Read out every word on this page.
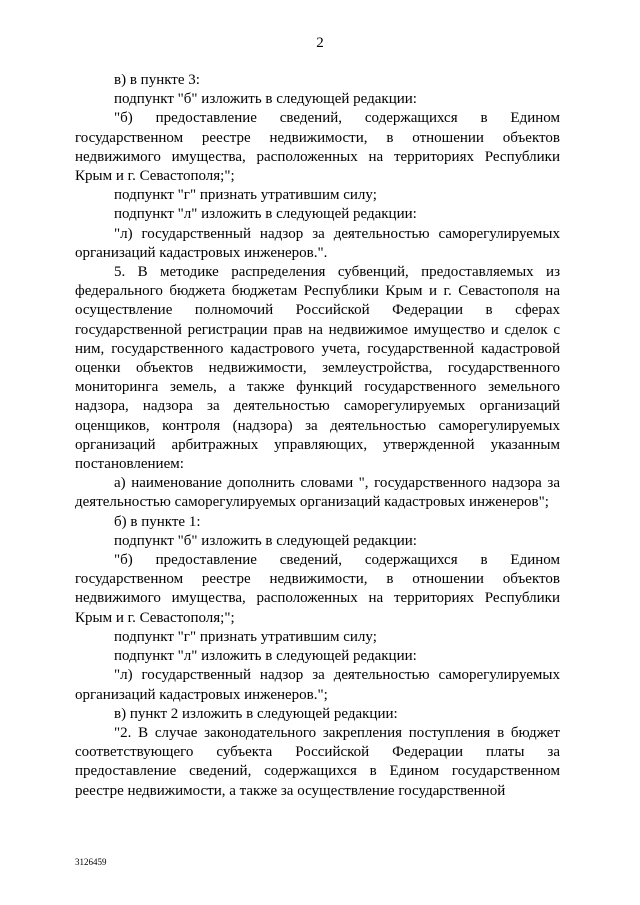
2

в) в пункте 3:

подпункт "б" изложить в следующей редакции:

"б) предоставление сведений, содержащихся в Едином государственном реестре недвижимости, в отношении объектов недвижимого имущества, расположенных на территориях Республики Крым и г. Севастополя;";

подпункт "г" признать утратившим силу;

подпункт "л" изложить в следующей редакции:

"л) государственный надзор за деятельностью саморегулируемых организаций кадастровых инженеров.".

5. В методике распределения субвенций, предоставляемых из федерального бюджета бюджетам Республики Крым и г. Севастополя на осуществление полномочий Российской Федерации в сферах государственной регистрации прав на недвижимое имущество и сделок с ним, государственного кадастрового учета, государственной кадастровой оценки объектов недвижимости, землеустройства, государственного мониторинга земель, а также функций государственного земельного надзора, надзора за деятельностью саморегулируемых организаций оценщиков, контроля (надзора) за деятельностью саморегулируемых организаций арбитражных управляющих, утвержденной указанным постановлением:

а) наименование дополнить словами ", государственного надзора за деятельностью саморегулируемых организаций кадастровых инженеров";

б) в пункте 1:

подпункт "б" изложить в следующей редакции:

"б) предоставление сведений, содержащихся в Едином государственном реестре недвижимости, в отношении объектов недвижимого имущества, расположенных на территориях Республики Крым и г. Севастополя;";

подпункт "г" признать утратившим силу;

подпункт "л" изложить в следующей редакции:

"л) государственный надзор за деятельностью саморегулируемых организаций кадастровых инженеров.";

в) пункт 2 изложить в следующей редакции:

"2. В случае законодательного закрепления поступления в бюджет соответствующего субъекта Российской Федерации платы за предоставление сведений, содержащихся в Едином государственном реестре недвижимости, а также за осуществление государственной

3126459
